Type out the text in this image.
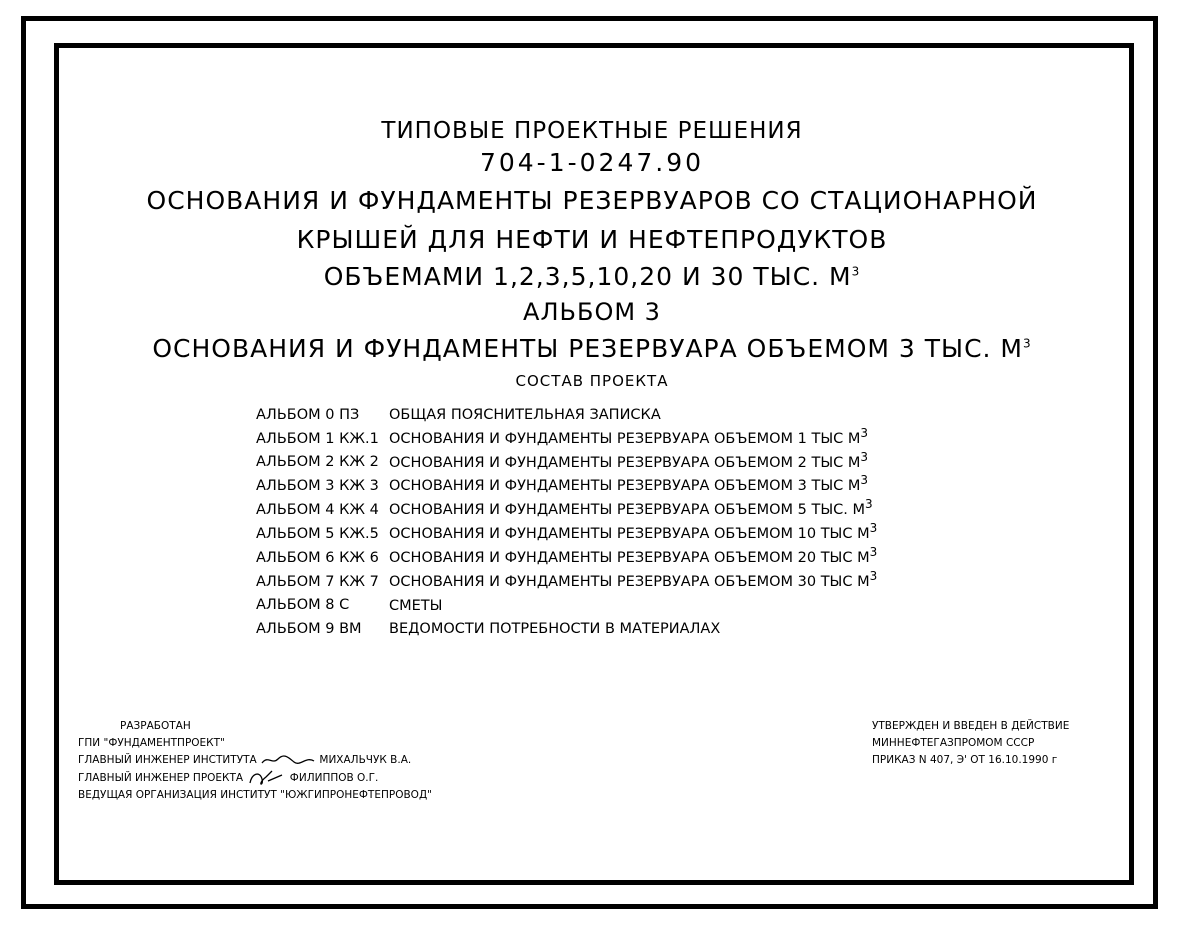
ТИПОВЫЕ ПРОЕКТНЫЕ РЕШЕНИЯ
704-1-0247.90
ОСНОВАНИЯ И ФУНДАМЕНТЫ РЕЗЕРВУАРОВ СО СТАЦИОНАРНОЙ
КРЫШЕЙ ДЛЯ НЕФТИ И НЕФТЕПРОДУКТОВ
ОБЪЕМАМИ 1,2,3,5,10,20 И 30 ТЫС. $М^3$
АЛЬБОМ 3
ОСНОВАНИЯ И ФУНДАМЕНТЫ РЕЗЕРВУАРА ОБЪЕМОМ 3 ТЫС. $М^3$
СОСТАВ ПРОЕКТА
АЛЬБОМ 0 ПЗ ОБЩАЯ ПОЯСНИТЕЛЬНАЯ ЗАПИСКА
АЛЬБОМ 1 КЖ.1 ОСНОВАНИЯ И ФУНДАМЕНТЫ РЕЗЕРВУАРА ОБЪЕМОМ 1 ТЫС $М^3$
АЛЬБОМ 2 КЖ 2 ОСНОВАНИЯ И ФУНДАМЕНТЫ РЕЗЕРВУАРА ОБЪЕМОМ 2 ТЫС $М^3$
АЛЬБОМ 3 КЖ 3 ОСНОВАНИЯ И ФУНДАМЕНТЫ РЕЗЕРВУАРА ОБЪЕМОМ 3 ТЫС $М^3$
АЛЬБОМ 4 КЖ 4 ОСНОВАНИЯ И ФУНДАМЕНТЫ РЕЗЕРВУАРА ОБЪЕМОМ 5 ТЫС. $М^3$
АЛЬБОМ 5 КЖ.5 ОСНОВАНИЯ И ФУНДАМЕНТЫ РЕЗЕРВУАРА ОБЪЕМОМ 10 ТЫС $М^3$
АЛЬБОМ 6 КЖ 6 ОСНОВАНИЯ И ФУНДАМЕНТЫ РЕЗЕРВУАРА ОБЪЕМОМ 20 ТЫС $М^3$
АЛЬБОМ 7 КЖ 7 ОСНОВАНИЯ И ФУНДАМЕНТЫ РЕЗЕРВУАРА ОБЪЕМОМ 30 ТЫС $М^3$
АЛЬБОМ 8 С	СМЕТЫ
АЛЬБОМ 9 ВМ ВЕДОМОСТИ ПОТРЕБНОСТИ В МАТЕРИАЛАХ
РАЗРАБОТАН
ГПИ "ФУНДАМЕНТПРОЕКТ"
ГЛАВНЫЙ ИНЖЕНЕР ИНСТИТУТА	МИХАЛЬЧУК В.А.
ГЛАВНЫЙ ИНЖЕНЕР ПРОЕКТА	ФИЛИППОВ О.Г.
ВЕДУЩАЯ ОРГАНИЗАЦИЯ ИНСТИТУТ "ЮЖГИПРОНЕФТЕПРОВОД"
УТВЕРЖДЕН И ВВЕДЕН В ДЕЙСТВИЕ
МИННЕФТЕГАЗПРОМОМ СССР
ПРИКАЗ N 407, Э' ОТ 16.10.1990 г
